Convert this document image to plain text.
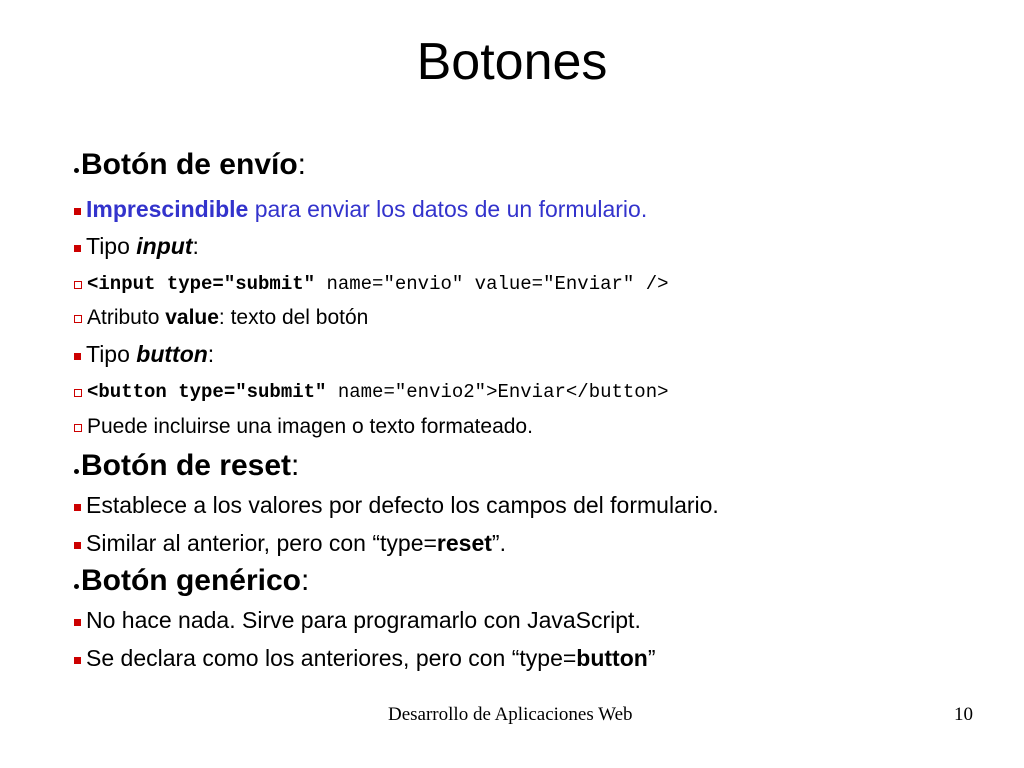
Botones
Botón de envío:
Imprescindible para enviar los datos de un formulario.
Tipo input:
<input type="submit" name="envio" value="Enviar" />
Atributo value: texto del botón
Tipo button:
<button type="submit" name="envio2">Enviar</button>
Puede incluirse una imagen o texto formateado.
Botón de reset:
Establece a los valores por defecto los campos del formulario.
Similar al anterior, pero con “type=reset”.
Botón genérico:
No hace nada. Sirve para programarlo con JavaScript.
Se declara como los anteriores, pero con “type=button”
Desarrollo de Aplicaciones Web	10
